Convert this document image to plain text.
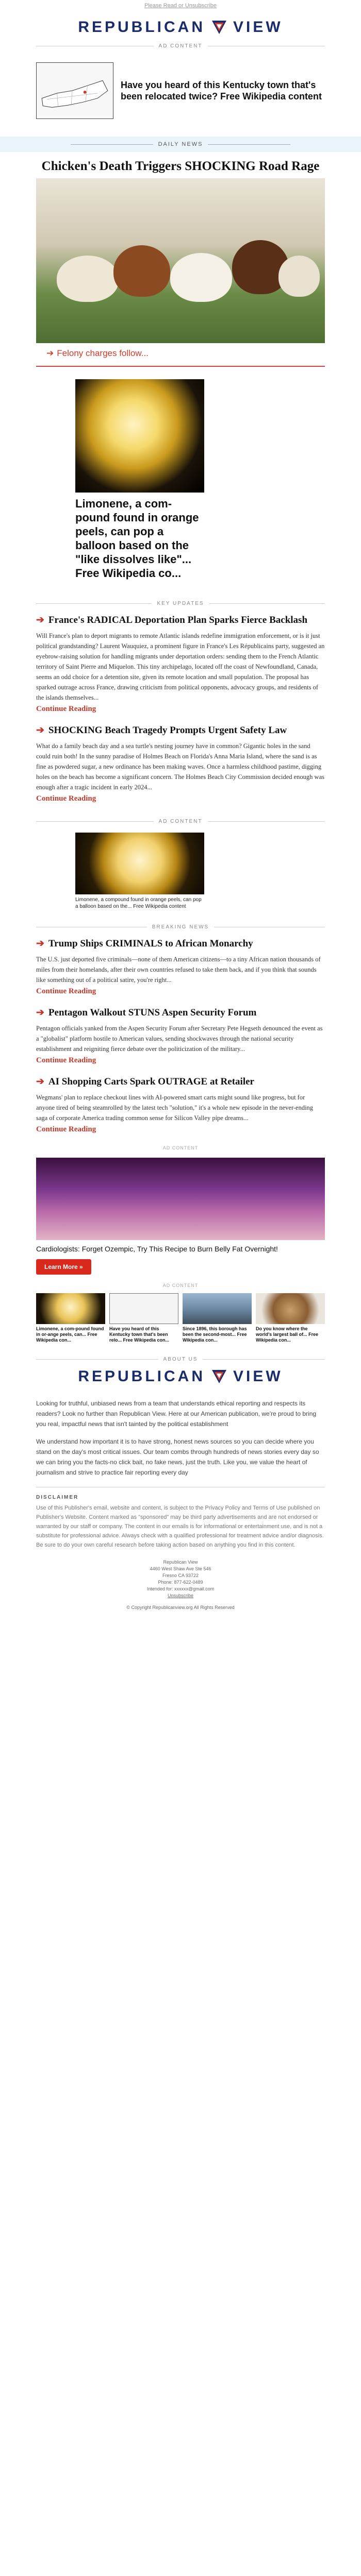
Please Read or Unsubscribe
REPUBLICAN VIEW
AD CONTENT
Have you heard of this Kentucky town that's been relocated twice? Free Wikipedia content
DAILY NEWS
Chicken's Death Triggers SHOCKING Road Rage
➔ Felony charges follow...
Limonene, a com-pound found in orange peels, can pop a balloon based on the "like dissolves like"... Free Wikipedia co...
KEY UPDATES
➔ France's RADICAL Deportation Plan Sparks Fierce Backlash

Will France's plan to deport migrants to remote Atlantic islands redefine immigration enforcement, or is it just political grandstanding? Laurent Wauquiez, a prominent figure in France's Les Républicains party, suggested an eyebrow-raising solution for handling migrants under deportation orders: sending them to the French Atlantic territory of Saint Pierre and Miquelon. This tiny archipelago, located off the coast of Newfoundland, Canada, seems an odd choice for a detention site, given its remote location and small population. The proposal has sparked outrage across France, drawing criticism from political opponents, advocacy groups, and residents of the islands themselves...

Continue Reading
➔ SHOCKING Beach Tragedy Prompts Urgent Safety Law

What do a family beach day and a sea turtle's nesting journey have in common? Gigantic holes in the sand could ruin both! In the sunny paradise of Holmes Beach on Florida's Anna Maria Island, where the sand is as fine as powdered sugar, a new ordinance has been making waves. Once a harmless childhood pastime, digging holes on the beach has become a significant concern. The Holmes Beach City Commission decided enough was enough after a tragic incident in early 2024...

Continue Reading
AD CONTENT
Limonene, a compound found in orange peels, can pop a balloon based on the... Free Wikipedia content
BREAKING NEWS
➔ Trump Ships CRIMINALS to African Monarchy

The U.S. just deported five criminals—none of them American citizens—to a tiny African nation thousands of miles from their homelands, after their own countries refused to take them back, and if you think that sounds like something out of a political satire, you're right...

Continue Reading
➔ Pentagon Walkout STUNS Aspen Security Forum

Pentagon officials yanked from the Aspen Security Forum after Secretary Pete Hegseth denounced the event as a "globalist" platform hostile to American values, sending shockwaves through the national security establishment and reigniting fierce debate over the politicization of the military...

Continue Reading
➔ AI Shopping Carts Spark OUTRAGE at Retailer

Wegmans' plan to replace checkout lines with AI-powered smart carts might sound like progress, but for anyone tired of being steamrolled by the latest tech "solution," it's a whole new episode in the never-ending saga of corporate America trading common sense for Silicon Valley pipe dreams...

Continue Reading
AD CONTENT
Cardiologists: Forget Ozempic, Try This Recipe to Burn Belly Fat Overnight!
Learn More »
AD CONTENT
Limonene, a com-pound found in or-ange peels, can... Free Wikipedia con...
Have you heard of this Kentucky town that's been relo... Free Wikipedia con...
Since 1896, this borough has been the second-most... Free Wikipedia con...
Do you know where the world's largest ball of... Free Wikipedia con...
ABOUT US
REPUBLICAN VIEW

Looking for truthful, unbiased news from a team that understands ethical reporting and respects its readers? Look no further than Republican View. Here at our American publication, we're proud to bring you real, impactful news that isn't tainted by the political establishment

We understand how important it is to have strong, honest news sources so you can decide where you stand on the day's most critical issues. Our team combs through hundreds of news stories every day so we can bring you the facts-no click bait, no fake news, just the truth. Like you, we value the heart of journalism and strive to practice fair reporting every day

DISCLAIMER

Use of this Publisher's email, website and content, is subject to the Privacy Policy and Terms of Use published on Publisher's Website. Content marked as "sponsored" may be third party advertisements and are not endorsed or warranted by our staff or company. The content in our emails is for informational or entertainment use, and is not a substitute for professional advice. Always check with a qualified professional for treatment advice and/or diagnosis. Be sure to do your own careful research before taking action based on anything you find in this content.

Republican View
4460 West Shaw Ave Ste 546
Fresno CA 93722
Phone: 877-622-0489
Intended for: xxxxxx@gmail.com
Unsubscribe
© Copyright Republicanview.org All Rights Reserved
